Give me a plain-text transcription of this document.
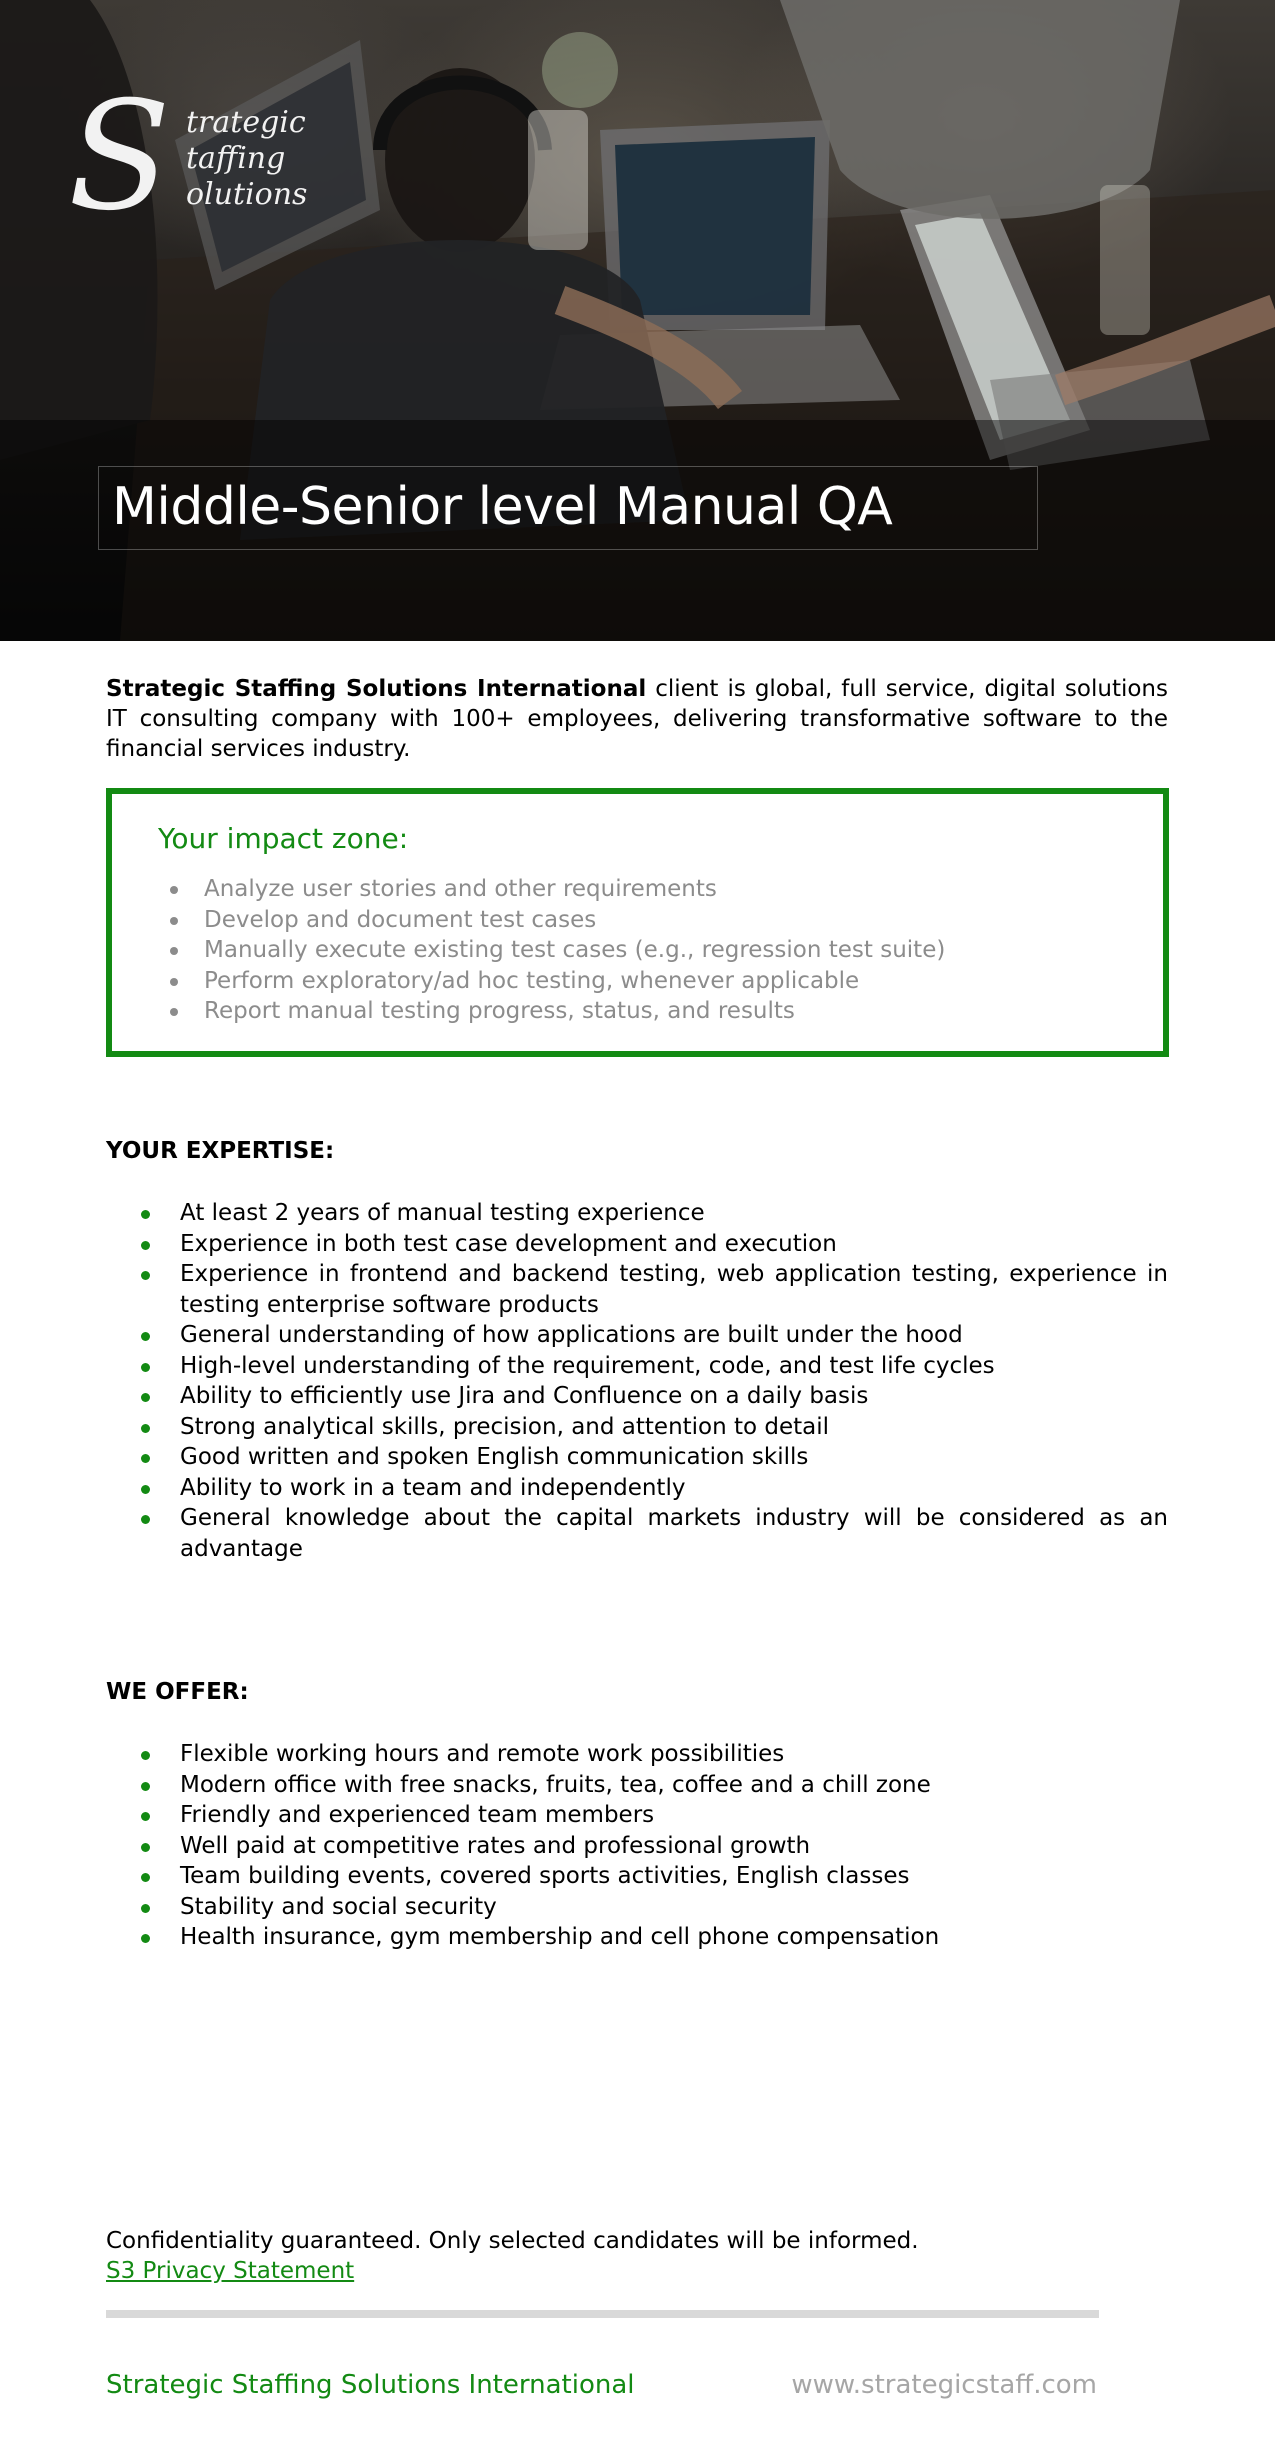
S trategic
taffing
olutions
Middle-Senior level Manual QA

Strategic Staffing Solutions International client is global, full service, digital solutions IT consulting company with 100+ employees, delivering transformative software to the financial services industry.

Your impact zone:
Analyze user stories and other requirements
Develop and document test cases
Manually execute existing test cases (e.g., regression test suite)
Perform exploratory/ad hoc testing, whenever applicable
Report manual testing progress, status, and results
YOUR EXPERTISE:
At least 2 years of manual testing experience
Experience in both test case development and execution
Experience in frontend and backend testing, web application testing, experience in testing enterprise software products
General understanding of how applications are built under the hood
High-level understanding of the requirement, code, and test life cycles
Ability to efficiently use Jira and Confluence on a daily basis
Strong analytical skills, precision, and attention to detail
Good written and spoken English communication skills
Ability to work in a team and independently
General knowledge about the capital markets industry will be considered as an advantage
WE OFFER:
Flexible working hours and remote work possibilities
Modern office with free snacks, fruits, tea, coffee and a chill zone
Friendly and experienced team members
Well paid at competitive rates and professional growth
Team building events, covered sports activities, English classes
Stability and social security
Health insurance, gym membership and cell phone compensation

Confidentiality guaranteed. Only selected candidates will be informed.

S3 Privacy Statement
Strategic Staffing Solutions International	www.strategicstaff.com
